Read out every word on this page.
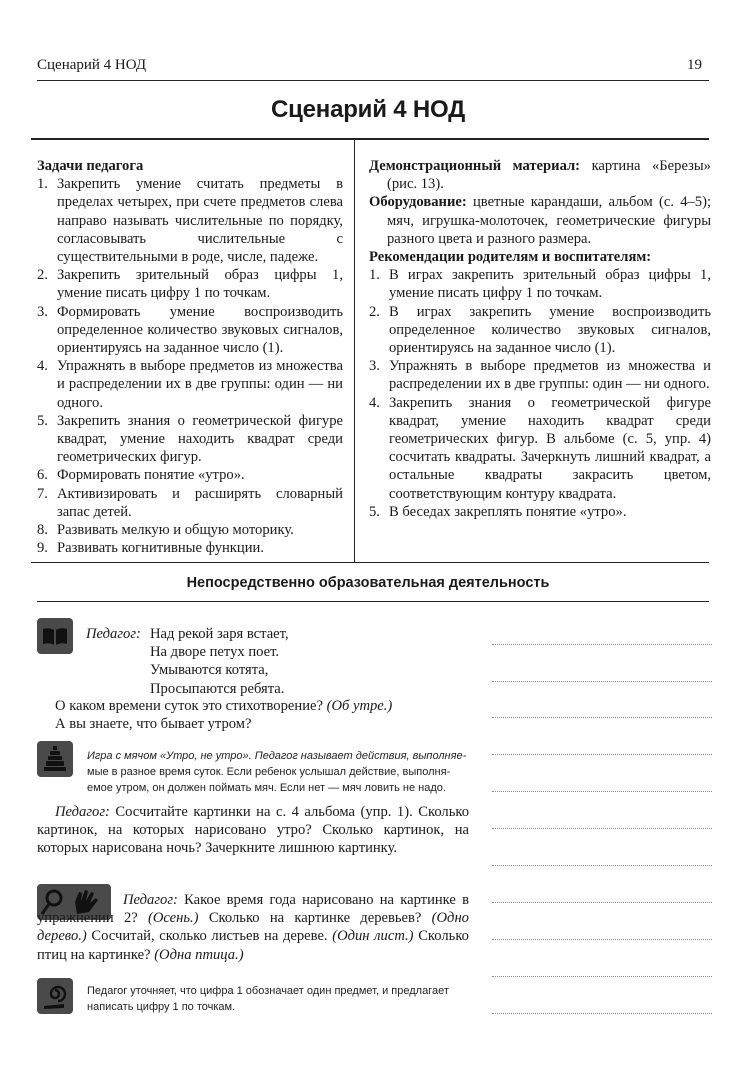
Сценарий 4 НОД	19
Сценарий 4 НОД
Задачи педагога
1. Закрепить умение считать предметы в пределах четырех, при счете предметов слева направо называть числительные по порядку, согласовывать числительные с существительными в роде, числе, падеже.
2. Закрепить зрительный образ цифры 1, умение писать цифру 1 по точкам.
3. Формировать умение воспроизводить определенное количество звуковых сигналов, ориентируясь на заданное число (1).
4. Упражнять в выборе предметов из множества и распределении их в две группы: один — ни одного.
5. Закрепить знания о геометрической фигуре квадрат, умение находить квадрат среди геометрических фигур.
6. Формировать понятие «утро».
7. Активизировать и расширять словарный запас детей.
8. Развивать мелкую и общую моторику.
9. Развивать когнитивные функции.

Демонстрационный материал: картина «Березы» (рис. 13).

Оборудование: цветные карандаши, альбом (с. 4–5); мяч, игрушка-молоточек, геометрические фигуры разного цвета и разного размера.

Рекомендации родителям и воспитателям:
1. В играх закрепить зрительный образ цифры 1, умение писать цифру 1 по точкам.
2. В играх закрепить умение воспроизводить определенное количество звуковых сигналов, ориентируясь на заданное число (1).
3. Упражнять в выборе предметов из множества и распределении их в две группы: один — ни одного.
4. Закрепить знания о геометрической фигуре квадрат, умение находить квадрат среди геометрических фигур. В альбоме (с. 5, упр. 4) сосчитать квадраты. Зачеркнуть лишний квадрат, а остальные квадраты закрасить цветом, соответствующим контуру квадрата.
5. В беседах закреплять понятие «утро».
Непосредственно образовательная деятельность
Педагог: Над рекой заря встает,
На дворе петух поет.
Умываются котята,
Просыпаются ребята.
О каком времени суток это стихотворение? (Об утре.)
А вы знаете, что бывает утром?
Игра с мячом «Утро, не утро». Педагог называет действия, выполняе-
мые в разное время суток. Если ребенок услышал действие, выполня-
емое утром, он должен поймать мяч. Если нет — мяч ловить не надо.
Педагог: Сосчитайте картинки на с. 4 альбома (упр. 1). Сколько картинок, на которых нарисовано утро? Сколько картинок, на которых нарисована ночь? Зачеркните лишнюю картинку.
Педагог: Какое время года нарисовано на картинке в упражнении 2? (Осень.) Сколько на картинке деревьев? (Одно дерево.) Сосчитай, сколько листьев на дереве. (Один лист.) Сколько птиц на картинке? (Одна птица.)
Педагог уточняет, что цифра 1 обозначает один предмет, и предлагает
написать цифру 1 по точкам.
